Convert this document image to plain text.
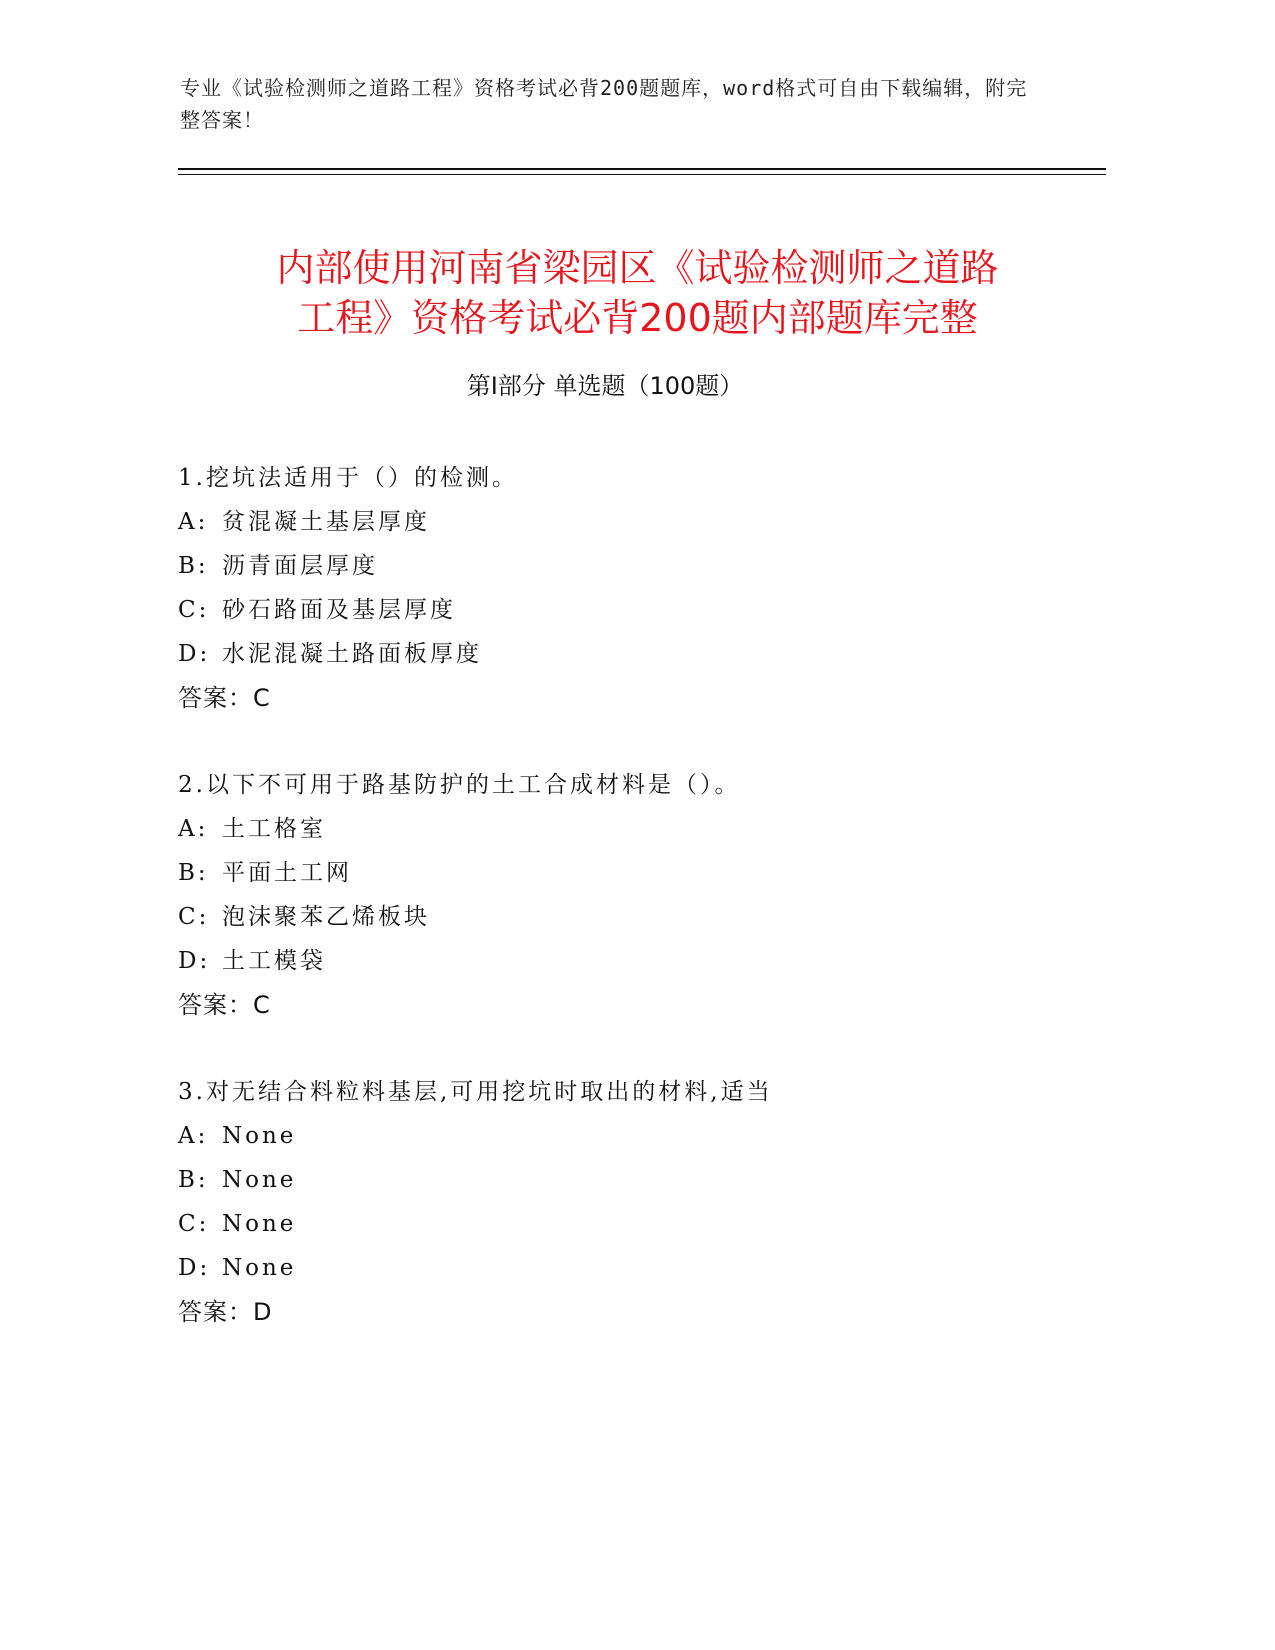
专业《试验检测师之道路工程》资格考试必背200题题库，word格式可自由下载编辑，附完整答案！
内部使用河南省梁园区《试验检测师之道路
工程》资格考试必背200题内部题库完整
第Ⅰ部分 单选题（100题）
1.挖坑法适用于（）的检测。
A: 贫混凝土基层厚度
B: 沥青面层厚度
C: 砂石路面及基层厚度
D: 水泥混凝土路面板厚度
答案：C
2.以下不可用于路基防护的土工合成材料是（）。
A: 土工格室
B: 平面土工网
C: 泡沫聚苯乙烯板块
D: 土工模袋
答案：C
3.对无结合料粒料基层,可用挖坑时取出的材料,适当
A: None
B: None
C: None
D: None
答案：D
